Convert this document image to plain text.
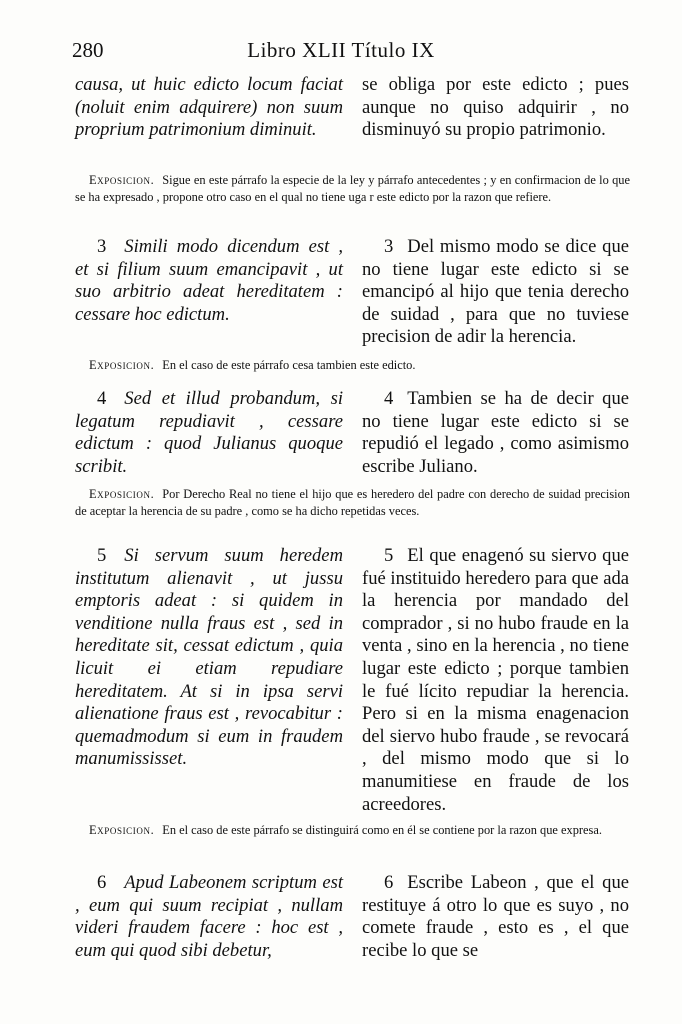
280	Libro XLII Título IX

causa, ut huic edicto locum faciat (noluit enim adquirere) non suum proprium patrimonium diminuit.

se obliga por este edicto ; pues aunque no quiso adquirir , no disminuyó su propio patrimonio.

Exposicion. Sigue en este párrafo la especie de la ley y párrafo antecedentes ; y en confirmacion de lo que se ha expresado , propone otro caso en el qual no tiene uga r este edicto por la razon que refiere.

3 Simili modo dicendum est , et si filium suum emancipavit , ut suo arbitrio adeat hereditatem : cessare hoc edictum.

3 Del mismo modo se dice que no tiene lugar este edicto si se emancipó al hijo que tenia derecho de suidad , para que no tuviese precision de adir la herencia.

Exposicion. En el caso de este párrafo cesa tambien este edicto.

4 Sed et illud probandum, si legatum repudiavit , cessare edictum : quod Julianus quoque scribit.

4 Tambien se ha de decir que no tiene lugar este edicto si se repudió el legado , como asimismo escribe Juliano.

Exposicion. Por Derecho Real no tiene el hijo que es heredero del padre con derecho de suidad precision de aceptar la herencia de su padre , como se ha dicho repetidas veces.

5 Si servum suum heredem institutum alienavit , ut jussu emptoris adeat : si quidem in venditione nulla fraus est , sed in hereditate sit, cessat edictum , quia licuit ei etiam repudiare hereditatem. At si in ipsa servi alienatione fraus est , revocabitur : quemadmodum si eum in fraudem manumississet.

5 El que enagenó su siervo que fué instituido heredero para que ada la herencia por mandado del comprador , si no hubo fraude en la venta , sino en la herencia , no tiene lugar este edicto ; porque tambien le fué lícito repudiar la herencia. Pero si en la misma enagenacion del siervo hubo fraude , se revocará , del mismo modo que si lo manumitiese en fraude de los acreedores.

Exposicion. En el caso de este párrafo se distinguirá como en él se contiene por la razon que expresa.

6 Apud Labeonem scriptum est , eum qui suum recipiat , nullam videri fraudem facere : hoc est , eum qui quod sibi debetur,

6 Escribe Labeon , que el que restituye á otro lo que es suyo , no comete fraude , esto es , el que recibe lo que se
